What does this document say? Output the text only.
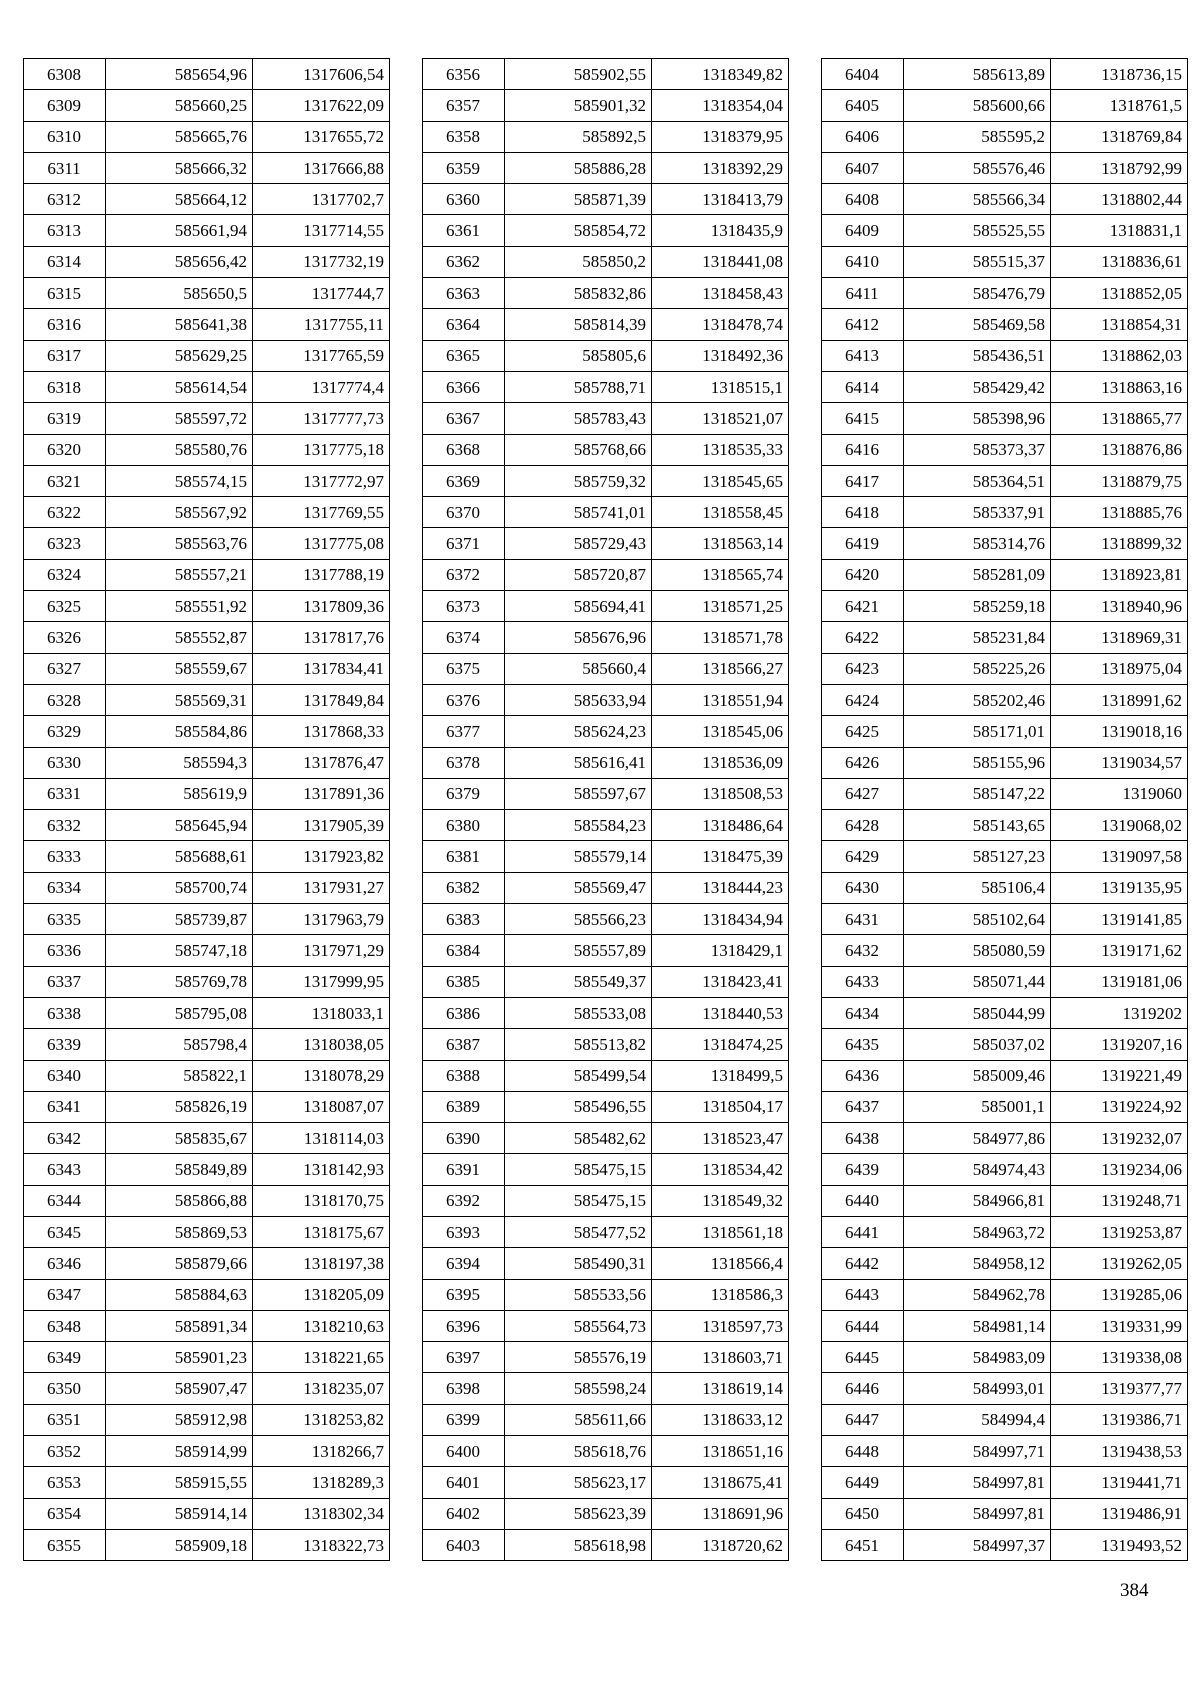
6308	585654,96	1317606,54
6309	585660,25	1317622,09
6310	585665,76	1317655,72
6311	585666,32	1317666,88
6312	585664,12	1317702,7
6313	585661,94	1317714,55
6314	585656,42	1317732,19
6315	585650,5	1317744,7
6316	585641,38	1317755,11
6317	585629,25	1317765,59
6318	585614,54	1317774,4
6319	585597,72	1317777,73
6320	585580,76	1317775,18
6321	585574,15	1317772,97
6322	585567,92	1317769,55
6323	585563,76	1317775,08
6324	585557,21	1317788,19
6325	585551,92	1317809,36
6326	585552,87	1317817,76
6327	585559,67	1317834,41
6328	585569,31	1317849,84
6329	585584,86	1317868,33
6330	585594,3	1317876,47
6331	585619,9	1317891,36
6332	585645,94	1317905,39
6333	585688,61	1317923,82
6334	585700,74	1317931,27
6335	585739,87	1317963,79
6336	585747,18	1317971,29
6337	585769,78	1317999,95
6338	585795,08	1318033,1
6339	585798,4	1318038,05
6340	585822,1	1318078,29
6341	585826,19	1318087,07
6342	585835,67	1318114,03
6343	585849,89	1318142,93
6344	585866,88	1318170,75
6345	585869,53	1318175,67
6346	585879,66	1318197,38
6347	585884,63	1318205,09
6348	585891,34	1318210,63
6349	585901,23	1318221,65
6350	585907,47	1318235,07
6351	585912,98	1318253,82
6352	585914,99	1318266,7
6353	585915,55	1318289,3
6354	585914,14	1318302,34
6355	585909,18	1318322,73
6356	585902,55	1318349,82
6357	585901,32	1318354,04
6358	585892,5	1318379,95
6359	585886,28	1318392,29
6360	585871,39	1318413,79
6361	585854,72	1318435,9
6362	585850,2	1318441,08
6363	585832,86	1318458,43
6364	585814,39	1318478,74
6365	585805,6	1318492,36
6366	585788,71	1318515,1
6367	585783,43	1318521,07
6368	585768,66	1318535,33
6369	585759,32	1318545,65
6370	585741,01	1318558,45
6371	585729,43	1318563,14
6372	585720,87	1318565,74
6373	585694,41	1318571,25
6374	585676,96	1318571,78
6375	585660,4	1318566,27
6376	585633,94	1318551,94
6377	585624,23	1318545,06
6378	585616,41	1318536,09
6379	585597,67	1318508,53
6380	585584,23	1318486,64
6381	585579,14	1318475,39
6382	585569,47	1318444,23
6383	585566,23	1318434,94
6384	585557,89	1318429,1
6385	585549,37	1318423,41
6386	585533,08	1318440,53
6387	585513,82	1318474,25
6388	585499,54	1318499,5
6389	585496,55	1318504,17
6390	585482,62	1318523,47
6391	585475,15	1318534,42
6392	585475,15	1318549,32
6393	585477,52	1318561,18
6394	585490,31	1318566,4
6395	585533,56	1318586,3
6396	585564,73	1318597,73
6397	585576,19	1318603,71
6398	585598,24	1318619,14
6399	585611,66	1318633,12
6400	585618,76	1318651,16
6401	585623,17	1318675,41
6402	585623,39	1318691,96
6403	585618,98	1318720,62
6404	585613,89	1318736,15
6405	585600,66	1318761,5
6406	585595,2	1318769,84
6407	585576,46	1318792,99
6408	585566,34	1318802,44
6409	585525,55	1318831,1
6410	585515,37	1318836,61
6411	585476,79	1318852,05
6412	585469,58	1318854,31
6413	585436,51	1318862,03
6414	585429,42	1318863,16
6415	585398,96	1318865,77
6416	585373,37	1318876,86
6417	585364,51	1318879,75
6418	585337,91	1318885,76
6419	585314,76	1318899,32
6420	585281,09	1318923,81
6421	585259,18	1318940,96
6422	585231,84	1318969,31
6423	585225,26	1318975,04
6424	585202,46	1318991,62
6425	585171,01	1319018,16
6426	585155,96	1319034,57
6427	585147,22	1319060
6428	585143,65	1319068,02
6429	585127,23	1319097,58
6430	585106,4	1319135,95
6431	585102,64	1319141,85
6432	585080,59	1319171,62
6433	585071,44	1319181,06
6434	585044,99	1319202
6435	585037,02	1319207,16
6436	585009,46	1319221,49
6437	585001,1	1319224,92
6438	584977,86	1319232,07
6439	584974,43	1319234,06
6440	584966,81	1319248,71
6441	584963,72	1319253,87
6442	584958,12	1319262,05
6443	584962,78	1319285,06
6444	584981,14	1319331,99
6445	584983,09	1319338,08
6446	584993,01	1319377,77
6447	584994,4	1319386,71
6448	584997,71	1319438,53
6449	584997,81	1319441,71
6450	584997,81	1319486,91
6451	584997,37	1319493,52
384
